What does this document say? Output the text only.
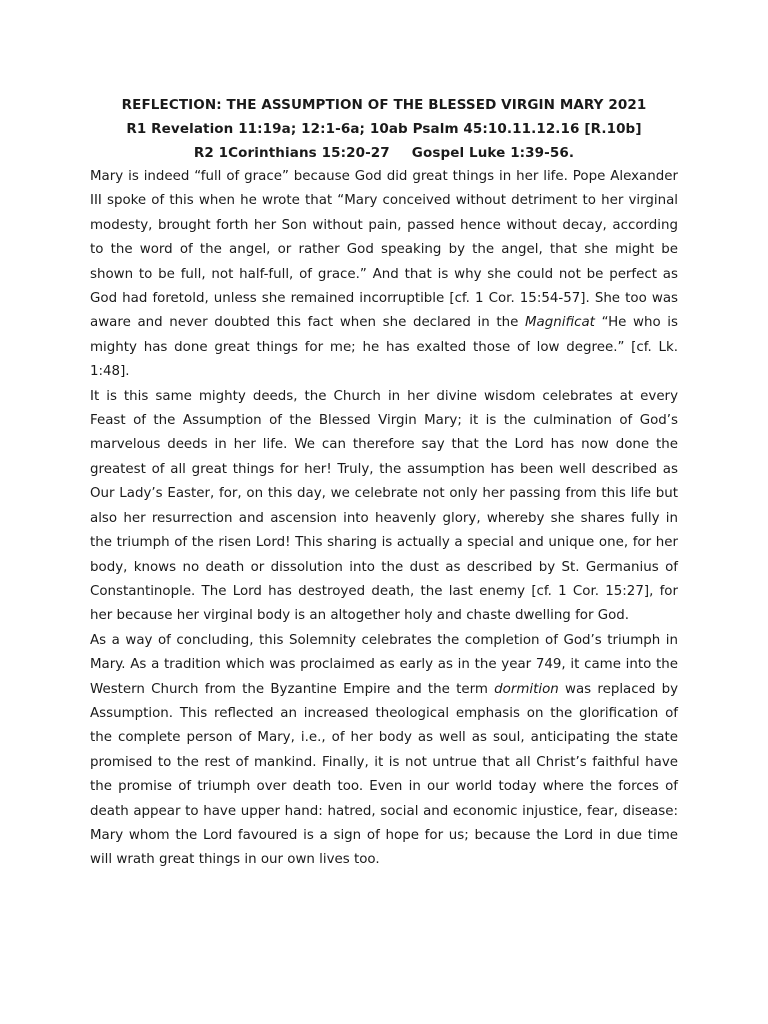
REFLECTION: THE ASSUMPTION OF THE BLESSED VIRGIN MARY 2021

R1 Revelation 11:19a; 12:1-6a; 10ab Psalm 45:10.11.12.16 [R.10b]

R2 1Corinthians 15:20-27 Gospel Luke 1:39-56.

Mary is indeed “full of grace” because God did great things in her life. Pope Alexander III spoke of this when he wrote that “Mary conceived without detriment to her virginal modesty, brought forth her Son without pain, passed hence without decay, according to the word of the angel, or rather God speaking by the angel, that she might be shown to be full, not half-full, of grace.” And that is why she could not be perfect as God had foretold, unless she remained incorruptible [cf. 1 Cor. 15:54-57]. She too was aware and never doubted this fact when she declared in the Magnificat “He who is mighty has done great things for me; he has exalted those of low degree.” [cf. Lk. 1:48].

It is this same mighty deeds, the Church in her divine wisdom celebrates at every Feast of the Assumption of the Blessed Virgin Mary; it is the culmination of God’s marvelous deeds in her life. We can therefore say that the Lord has now done the greatest of all great things for her! Truly, the assumption has been well described as Our Lady’s Easter, for, on this day, we celebrate not only her passing from this life but also her resurrection and ascension into heavenly glory, whereby she shares fully in the triumph of the risen Lord! This sharing is actually a special and unique one, for her body, knows no death or dissolution into the dust as described by St. Germanius of Constantinople. The Lord has destroyed death, the last enemy [cf. 1 Cor. 15:27], for her because her virginal body is an altogether holy and chaste dwelling for God.

As a way of concluding, this Solemnity celebrates the completion of God’s triumph in Mary. As a tradition which was proclaimed as early as in the year 749, it came into the Western Church from the Byzantine Empire and the term dormition was replaced by Assumption. This reflected an increased theological emphasis on the glorification of the complete person of Mary, i.e., of her body as well as soul, anticipating the state promised to the rest of mankind. Finally, it is not untrue that all Christ’s faithful have the promise of triumph over death too. Even in our world today where the forces of death appear to have upper hand: hatred, social and economic injustice, fear, disease: Mary whom the Lord favoured is a sign of hope for us; because the Lord in due time will wrath great things in our own lives too.
